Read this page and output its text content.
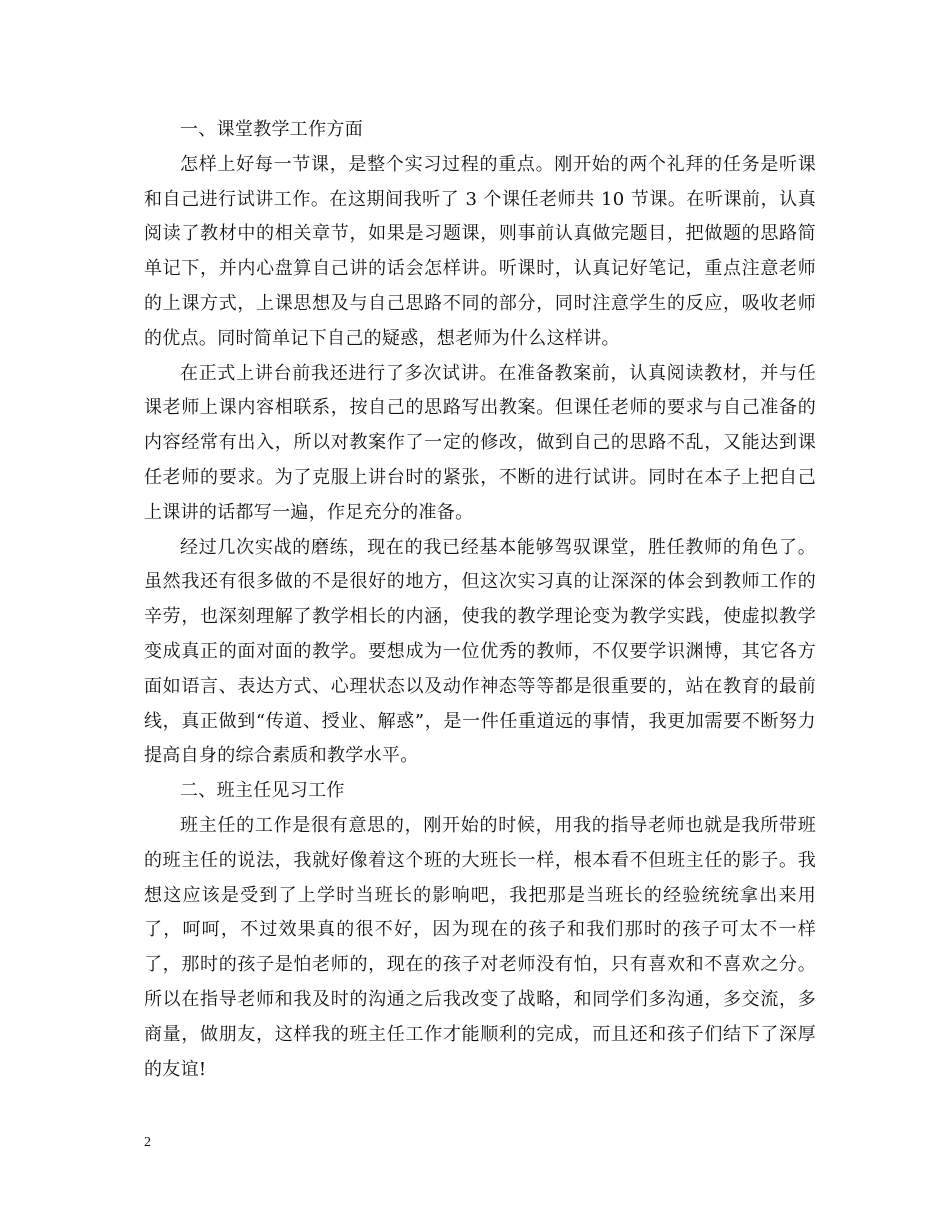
一、课堂教学工作方面

怎样上好每一节课，是整个实习过程的重点。刚开始的两个礼拜的任务是听课和自己进行试讲工作。在这期间我听了 3 个课任老师共 10 节课。在听课前，认真阅读了教材中的相关章节，如果是习题课，则事前认真做完题目，把做题的思路简单记下，并内心盘算自己讲的话会怎样讲。听课时，认真记好笔记，重点注意老师的上课方式，上课思想及与自己思路不同的部分，同时注意学生的反应，吸收老师的优点。同时简单记下自己的疑惑，想老师为什么这样讲。

在正式上讲台前我还进行了多次试讲。在准备教案前，认真阅读教材，并与任课老师上课内容相联系，按自己的思路写出教案。但课任老师的要求与自己准备的内容经常有出入，所以对教案作了一定的修改，做到自己的思路不乱，又能达到课任老师的要求。为了克服上讲台时的紧张，不断的进行试讲。同时在本子上把自己上课讲的话都写一遍，作足充分的准备。

经过几次实战的磨练，现在的我已经基本能够驾驭课堂，胜任教师的角色了。虽然我还有很多做的不是很好的地方，但这次实习真的让深深的体会到教师工作的辛劳，也深刻理解了教学相长的内涵，使我的教学理论变为教学实践，使虚拟教学变成真正的面对面的教学。要想成为一位优秀的教师，不仅要学识渊博，其它各方面如语言、表达方式、心理状态以及动作神态等等都是很重要的，站在教育的最前线，真正做到“传道、授业、解惑”，是一件任重道远的事情，我更加需要不断努力提高自身的综合素质和教学水平。

二、班主任见习工作

班主任的工作是很有意思的，刚开始的时候，用我的指导老师也就是我所带班的班主任的说法，我就好像着这个班的大班长一样，根本看不但班主任的影子。我想这应该是受到了上学时当班长的影响吧，我把那是当班长的经验统统拿出来用了，呵呵，不过效果真的很不好，因为现在的孩子和我们那时的孩子可太不一样了，那时的孩子是怕老师的，现在的孩子对老师没有怕，只有喜欢和不喜欢之分。所以在指导老师和我及时的沟通之后我改变了战略，和同学们多沟通，多交流，多商量，做朋友，这样我的班主任工作才能顺利的完成，而且还和孩子们结下了深厚的友谊!

2
